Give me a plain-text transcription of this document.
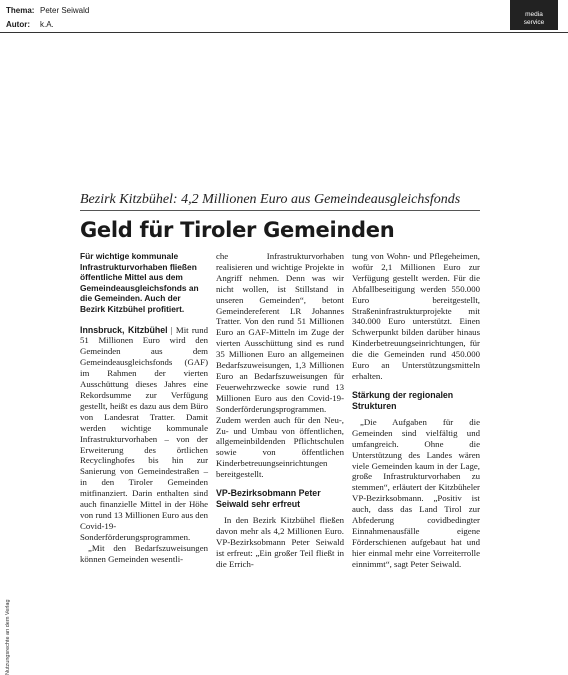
Thema: Peter Seiwald
Autor: k.A.
media
service
Bezirk Kitzbühel: 4,2 Millionen Euro aus Gemeindeausgleichsfonds
Geld für Tiroler Gemeinden

Für wichtige kommunale Infrastrukturvorhaben fließen öffentliche Mittel aus dem Gemeindeausgleichsfonds an die Gemeinden. Auch der Bezirk Kitzbühel profitiert.

Innsbruck, Kitzbühel | Mit rund 51 Millionen Euro wird den Gemeinden aus dem Gemeindeausgleichsfonds (GAF) im Rahmen der vierten Ausschüttung dieses Jahres eine Rekordsumme zur Verfügung gestellt, heißt es dazu aus dem Büro von Landesrat Tratter. Damit werden wichtige kommunale Infrastrukturvorhaben – von der Erweiterung des örtlichen Recyclinghofes bis hin zur Sanierung von Gemeindestraßen – in den Tiroler Gemeinden mitfinanziert. Darin enthalten sind auch finanzielle Mittel in der Höhe von rund 13 Millionen Euro aus den Covid-19-Sonderförderungsprogrammen.

„Mit den Bedarfszuweisungen können Gemeinden wesentli-

che Infrastrukturvorhaben realisieren und wichtige Projekte in Angriff nehmen. Denn was wir nicht wollen, ist Stillstand in unseren Gemeinden“, betont Gemeindereferent LR Johannes Tratter. Von den rund 51 Millionen Euro an GAF-Mitteln im Zuge der vierten Ausschüttung sind es rund 35 Millionen Euro an allgemeinen Bedarfszuweisungen, 1,3 Millionen Euro an Bedarfszuweisungen für Feuerwehrzwecke sowie rund 13 Millionen Euro aus den Covid-19-Sonderförderungsprogrammen. Zudem werden auch für den Neu-, Zu- und Umbau von öffentlichen, allgemeinbildenden Pflichtschulen sowie von öffentlichen Kinderbetreuungseinrichtungen bereitgestellt.

VP-Bezirksobmann Peter Seiwald sehr erfreut

In den Bezirk Kitzbühel fließen davon mehr als 4,2 Millionen Euro. VP-Bezirksobmann Peter Seiwald ist erfreut: „Ein großer Teil fließt in die Errich-

tung von Wohn- und Pflegeheimen, wofür 2,1 Millionen Euro zur Verfügung gestellt werden. Für die Abfallbeseitigung werden 550.000 Euro bereitgestellt, Straßeninfrastrukturprojekte mit 340.000 Euro unterstützt. Einen Schwerpunkt bilden darüber hinaus Kinderbetreuungseinrichtungen, für die die Gemeinden rund 450.000 Euro an Unterstützungsmitteln erhalten.

Stärkung der regionalen Strukturen

„Die Aufgaben für die Gemeinden sind vielfältig und umfangreich. Ohne die Unterstützung des Landes wären viele Gemeinden kaum in der Lage, große Infrastrukturvorhaben zu stemmen“, erläutert der Kitzbüheler VP-Bezirksobmann. „Positiv ist auch, dass das Land Tirol zur Abfederung covidbedingter Einnahmenausfälle eigene Förderschienen aufgebaut hat und hier einmal mehr eine Vorreiterrolle einnimmt“, sagt Peter Seiwald.

Nutzungsrechte an dem Verlag
